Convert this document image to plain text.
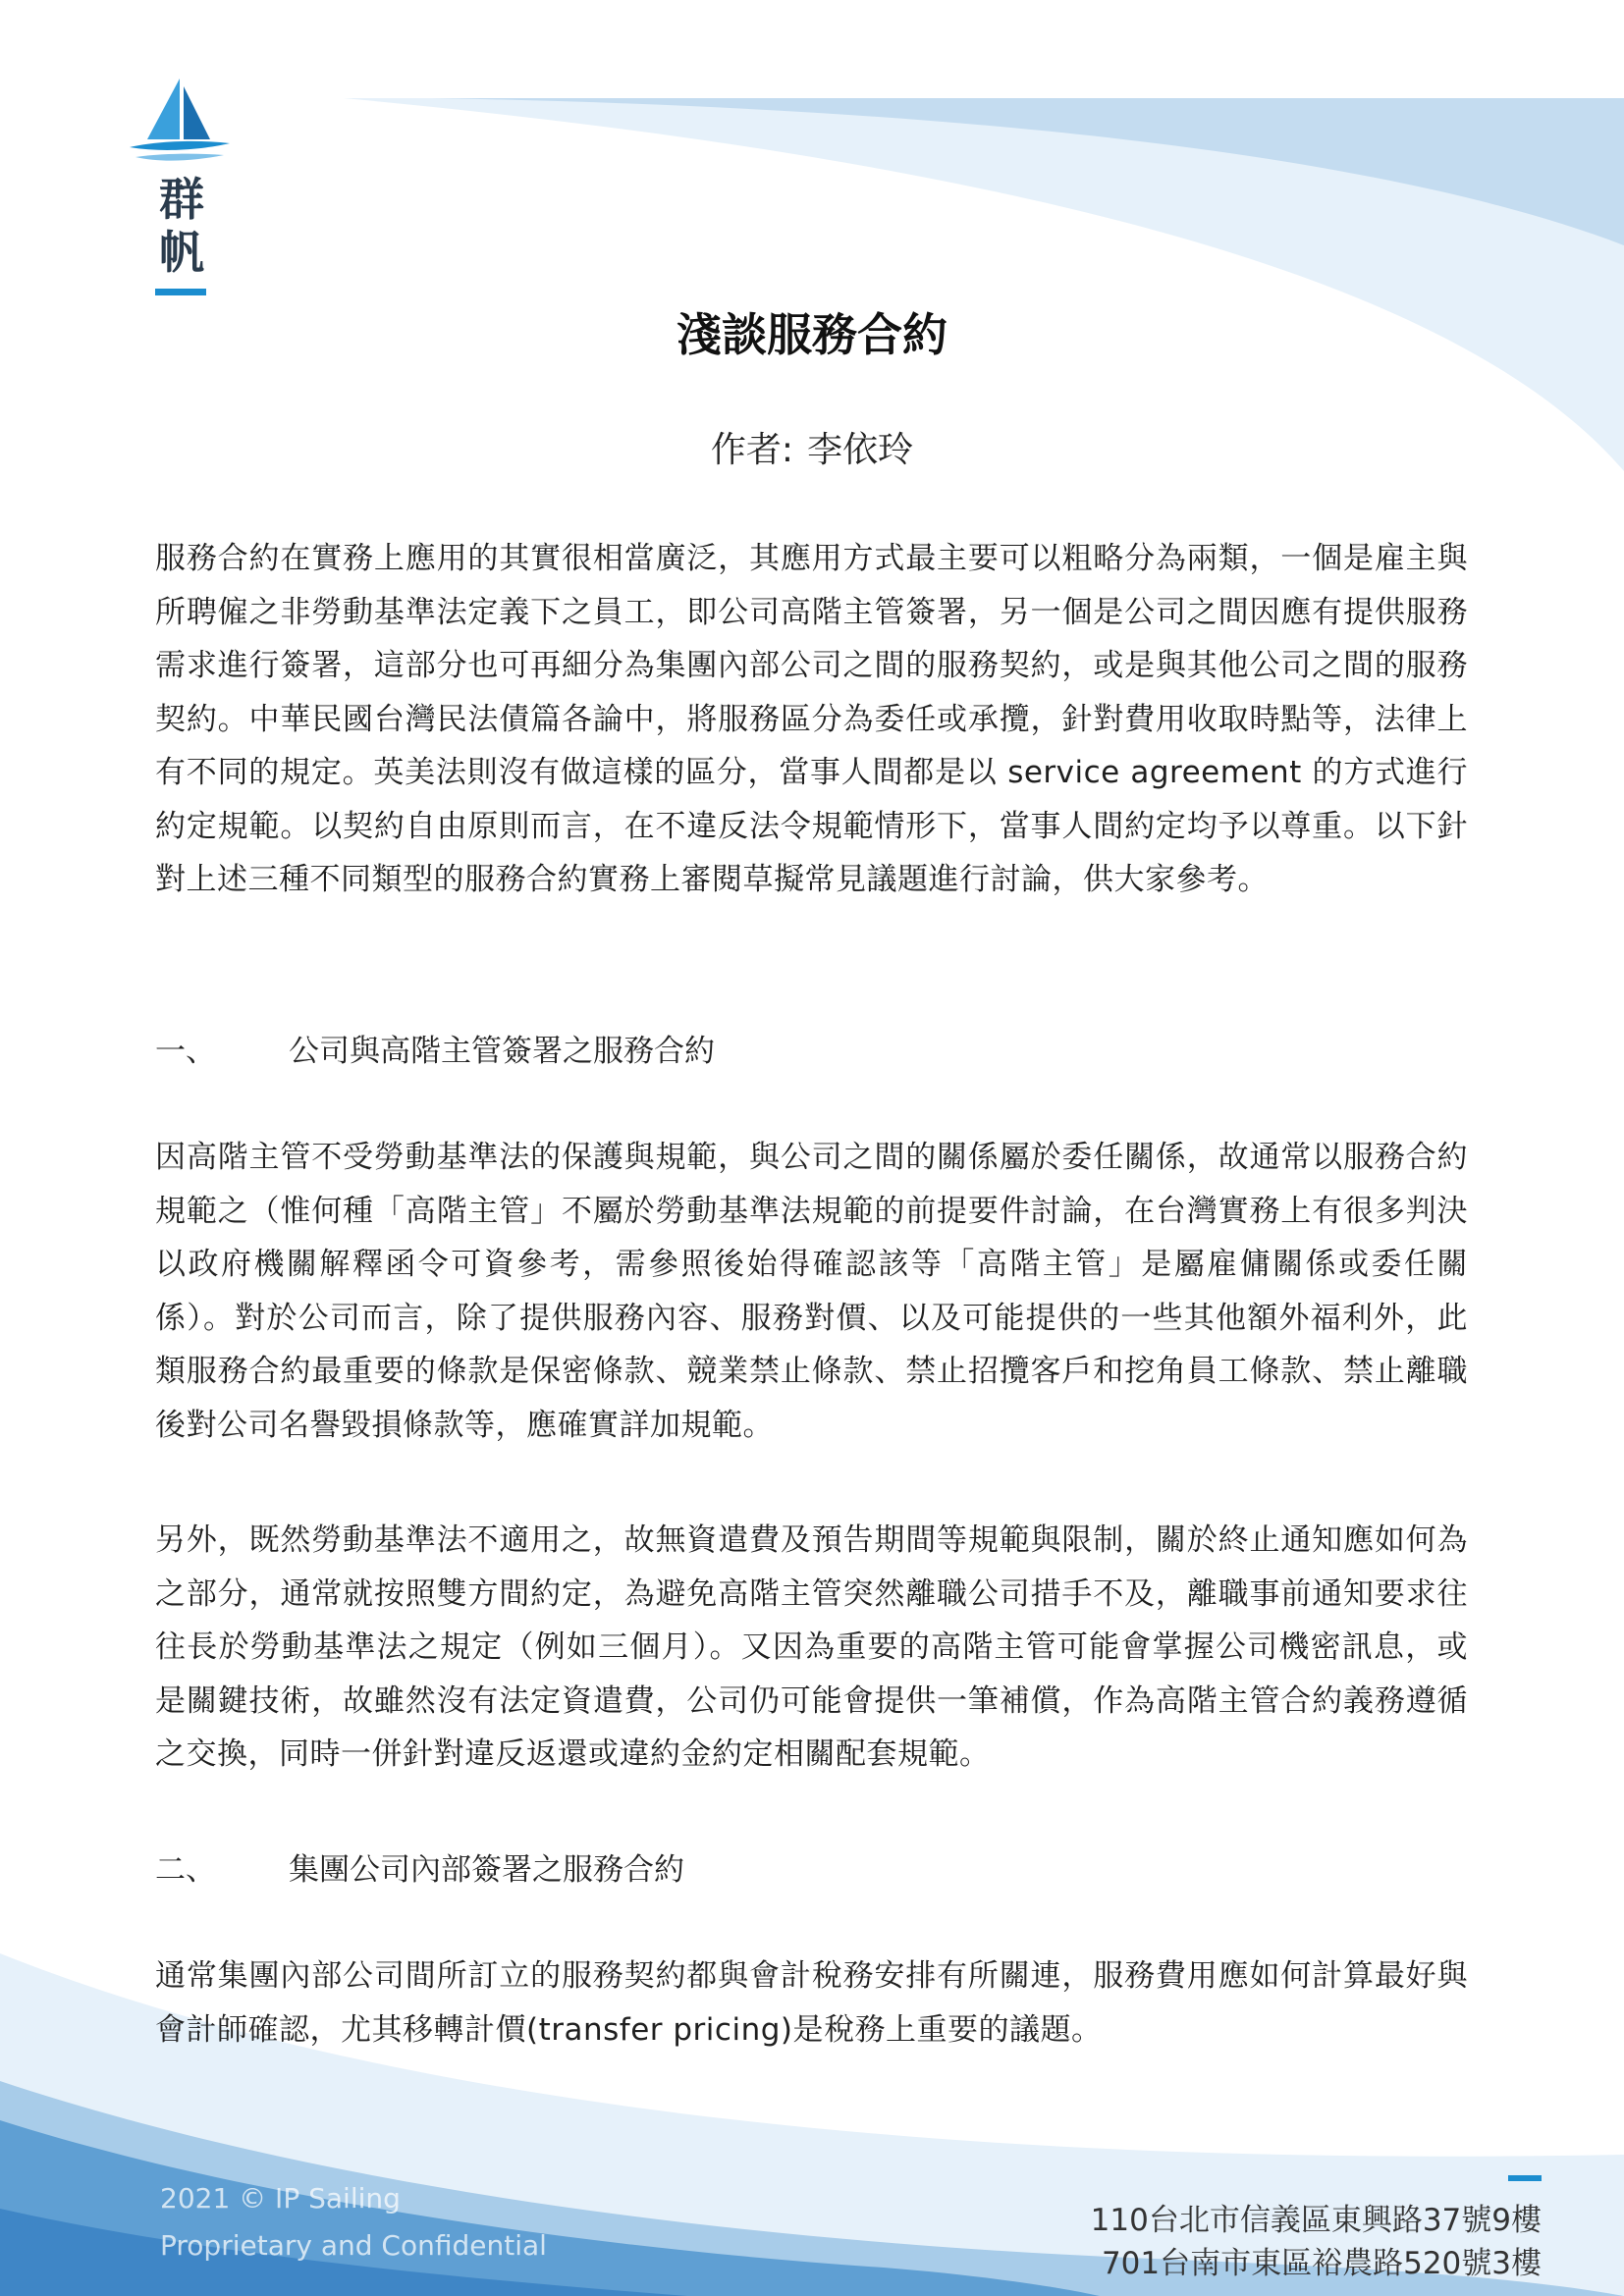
群帆
淺談服務合約
作者: 李依玲

服務合約在實務上應用的其實很相當廣泛，其應用方式最主要可以粗略分為兩類，一個是雇主與所聘僱之非勞動基準法定義下之員工，即公司高階主管簽署，另一個是公司之間因應有提供服務需求進行簽署，這部分也可再細分為集團內部公司之間的服務契約，或是與其他公司之間的服務契約。中華民國台灣民法債篇各論中，將服務區分為委任或承攬，針對費用收取時點等，法律上有不同的規定。英美法則沒有做這樣的區分，當事人間都是以 service agreement 的方式進行約定規範。以契約自由原則而言，在不違反法令規範情形下，當事人間約定均予以尊重。以下針對上述三種不同類型的服務合約實務上審閱草擬常見議題進行討論，供大家參考。

一、 公司與高階主管簽署之服務合約

因高階主管不受勞動基準法的保護與規範，與公司之間的關係屬於委任關係，故通常以服務合約規範之（惟何種「高階主管」不屬於勞動基準法規範的前提要件討論，在台灣實務上有很多判決以政府機關解釋函令可資參考，需參照後始得確認該等「高階主管」是屬雇傭關係或委任關係）。對於公司而言，除了提供服務內容、服務對價、以及可能提供的一些其他額外福利外，此類服務合約最重要的條款是保密條款、競業禁止條款、禁止招攬客戶和挖角員工條款、禁止離職後對公司名譽毀損條款等，應確實詳加規範。

另外，既然勞動基準法不適用之，故無資遣費及預告期間等規範與限制，關於終止通知應如何為之部分，通常就按照雙方間約定，為避免高階主管突然離職公司措手不及，離職事前通知要求往往長於勞動基準法之規定（例如三個月）。又因為重要的高階主管可能會掌握公司機密訊息，或是關鍵技術，故雖然沒有法定資遣費，公司仍可能會提供一筆補償，作為高階主管合約義務遵循之交換，同時一併針對違反返還或違約金約定相關配套規範。

二、 集團公司內部簽署之服務合約

通常集團內部公司間所訂立的服務契約都與會計稅務安排有所關連，服務費用應如何計算最好與會計師確認，尤其移轉計價(transfer pricing)是稅務上重要的議題。

2021 © IP Sailing
Proprietary and Confidential
110台北市信義區東興路37號9樓
701台南市東區裕農路520號3樓
